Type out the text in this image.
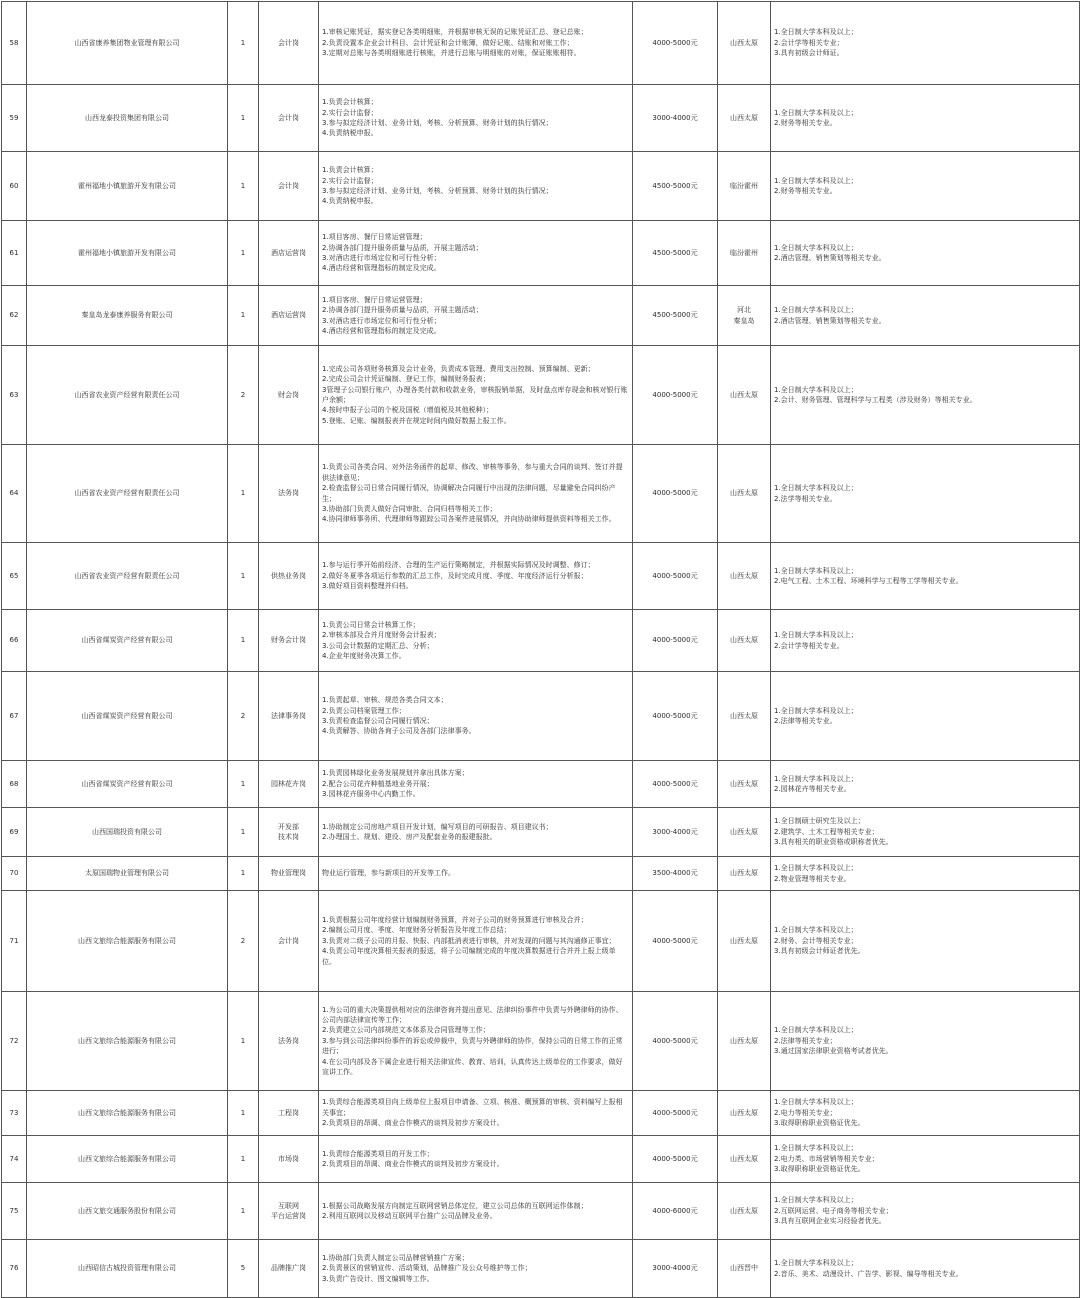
58	山西省康养集团物业管理有限公司	1	会计岗	1.审核记账凭证，据实登记各类明细账，并根据审核无误的记账凭证汇总、登记总账；
2.负责设置本企业会计科目、会计凭证和会计账簿，做好记账、结账和对账工作；
3.定期对总账与各类明细账进行核账，并进行总账与明细账的对账，保证账账相符。	4000-5000元	山西太原	1.全日制大学本科及以上；
2.会计学等相关专业；
3.具有初级会计师证。
59	山西龙泰投资集团有限公司	1	会计岗	1.负责会计核算；
2.实行会计监督；
3.参与拟定经济计划、业务计划，考核、分析预算、财务计划的执行情况；
4.负责纳税申报。	3000-4000元	山西太原	1.全日制大学本科及以上；
2.财务等相关专业。
60	霍州福地小镇旅游开发有限公司	1	会计岗	1.负责会计核算；
2.实行会计监督；
3.参与拟定经济计划、业务计划，考核、分析预算、财务计划的执行情况；
4.负责纳税申报。	4500-5000元	临汾霍州	1.全日制大学本科及以上；
2.财务等相关专业。
61	霍州福地小镇旅游开发有限公司	1	酒店运营岗	1.项目客房、餐厅日常运营管理；
2.协调各部门提升服务质量与品质，开展主题活动；
3.对酒店进行市场定位和可行性分析；
4.酒店经营和管理指标的制定及完成。	4500-5000元	临汾霍州	1.全日制大学本科及以上；
2.酒店管理、销售策划等相关专业。
62	秦皇岛龙泰康养服务有限公司	1	酒店运营岗	1.项目客房、餐厅日常运营管理；
2.协调各部门提升服务质量与品质，开展主题活动；
3.对酒店进行市场定位和可行性分析；
4.酒店经营和管理指标的制定及完成。	4500-5000元	河北
秦皇岛	1.全日制大学本科及以上；
2.酒店管理、销售策划等相关专业。
63	山西省农业资产经营有限责任公司	2	财会岗	1.完成公司各项财务核算及会计业务，负责成本管理、费用支出控制、预算编制、更新；
2.完成公司会计凭证编制、登记工作，编制财务报表；
3管理子公司银行账户，办理各类付款和收款业务，审核报销单据，及时盘点库存现金和核对银行账户余额；
4.按时申报子公司的个税及国税（增值税及其他税种）；
5.登账、记账、编制报表并在规定时间内做好数据上报工作。	4000-5000元	山西太原	1.全日制大学本科及以上；
2.会计、财务管理、管理科学与工程类（涉及财务）等相关专业。
64	山西省农业资产经营有限责任公司	1	法务岗	1.负责公司各类合同、对外法务函件的起草、修改、审核等事务，参与重大合同的谈判、签订并提供法律意见；
2.检查监督公司日常合同履行情况，协调解决合同履行中出现的法律问题，尽量避免合同纠纷产生；
3.协助部门负责人做好合同审批、合同归档等相关工作；
4.协同律师事务所、代理律师等跟踪公司各案件进展情况，并向协助律师提供资料等相关工作。	4000-5000元	山西太原	1.全日制大学本科及以上；
2.法学等相关专业。
65	山西省农业资产经营有限责任公司	1	供热业务岗	1.参与运行季开始前经济、合理的生产运行策略制定，并根据实际情况及时调整、修订；
2.做好冬夏季各项运行参数的汇总工作，及时完成月度、季度、年度经济运行分析报；
3.做好项目资料整理并归档。	4000-5000元	山西太原	1.全日制大学本科及以上；
2.电气工程、土木工程、环境科学与工程等工学等相关专业。
66	山西省煤炭资产经营有限公司	1	财务会计岗	1.负责公司日常会计核算工作；
2.审核本部及合并月度财务会计报表；
3.公司会计数据的定期汇总、分析；
4.企业年度财务决算工作。	4000-5000元	山西太原	1.全日制大学本科及以上；
2.会计学等相关专业。
67	山西省煤炭资产经营有限公司	2	法律事务岗	1.负责起草、审核、规范各类合同文本；
2.负责公司档案管理工作；
3.负责检查监督公司合同履行情况；
4.负责解答、协助各询子公司及各部门法律事务。	4000-5000元	山西太原	1.全日制大学本科及以上；
2.法律等相关专业。
68	山西省煤炭资产经营有限公司	1	园林花卉岗	1.负责园林绿化业务发展规划并拿出具体方案；
2.配合公司花卉种植基地业务开展；
3.园林花卉服务中心内勤工作。	4000-5000元	山西太原	1.全日制大学本科及以上；
2.园林花卉等相关专业。
69	山西国瑞投资有限公司	1	开发部
技术岗	1.协助制定公司房地产项目开发计划，编写项目的可研报告、项目建议书；
2.办理国土、规划、建设、房产及配套业务的报建报批。	3000-4000元	山西太原	1.全日制硕士研究生及以上；
2.建筑学、土木工程等相关专业；
3.具有相关的职业资格或职称者优先。
70	太原国瑞物业管理有限公司	1	物业管理岗	物业运行管理，参与新项目的开发等工作。	3500-4000元	山西太原	1.全日制大学本科及以上；
2.物业管理等相关专业。
71	山西文旅综合能源服务有限公司	2	会计岗	1.负责根据公司年度经营计划编制财务预算，并对子公司的财务预算进行审核及合并；
2.编制公司月度、季度、年度财务分析报告及年度工作总结；
3.负责对二级子公司的月报、快报、内部抵消表进行审核，并对发现的问题与其沟通修正事宜；
4.负责公司年度决算相关报表的报送，将子公司编制完成的年度决算数据进行合并并上报上级单位。	4000-5000元	山西太原	1.全日制大学本科及以上；
2.财务、会计等相关专业；
3.具有初级会计师证者优先。
72	山西文旅综合能源服务有限公司	1	法务岗	1.为公司的重大决策提供相对应的法律咨询并提出意见、法律纠纷事件中负责与外聘律师的协作、公司内部法律宣传等工作；
2.负责建立公司内部规范文本体系及合同管理等工作；
3.参与到公司法律纠纷事件的诉讼或仲裁中，负责与外聘律师的协作，保持公司的日常工作的正常进行；
4.在公司内部及各下属企业进行相关法律宣传、教育、培训，认真传达上级单位的工作要求，做好宣讲工作。	4000-5000元	山西太原	1.全日制大学本科及以上；
2.法律等相关专业；
3.通过国家法律职业资格考试者优先。
73	山西文旅综合能源服务有限公司	1	工程岗	1.负责综合能源类项目向上级单位上报项目申请备、立项、核准、概预算的审核、资料编写上报相关事宜；
2.负责项目的昂调、商业合作模式的谈判及初步方案设计。	4000-5000元	山西太原	1.全日制大学本科及以上；
2.电力等相关专业；
3.取得职称职业资格证优先。
74	山西文旅综合能源服务有限公司	1	市场岗	1.负责综合能源类项目的开发工作；
2.负责项目的昂调、商业合作模式的谈判及初步方案设计。	4000-5000元	山西太原	1.全日制大学本科及以上；
2.电力类、市场营销等相关专业；
3.取得职称职业资格证优先。
75	山西文旅交通服务股份有限公司	1	互联网
平台运营岗	1.根据公司战略发展方向制定互联网营销总体定位，建立公司总体的互联网运作体制；
2.利用互联网以及移动互联网平台推广公司品牌及业务。	4000-6000元	山西太原	1.全日制大学本科及以上；
2.互联网运营、电子商务等相关专业；
3.具有互联网企业实习经验者优先。
76	山西昭信古城投资管理有限公司	5	品牌推广岗	1.协助部门负责人制定公司品牌营销推广方案；
2.负责景区的营销宣传、活动策划，品牌推广及公众号维护等工作；
3.负责广告设计、图文编辑等工作。	3000-4000元	山西晋中	1.全日制大学本科及以上；
2.音乐、美术、动漫设计、广告学、影视、编导等相关专业。
